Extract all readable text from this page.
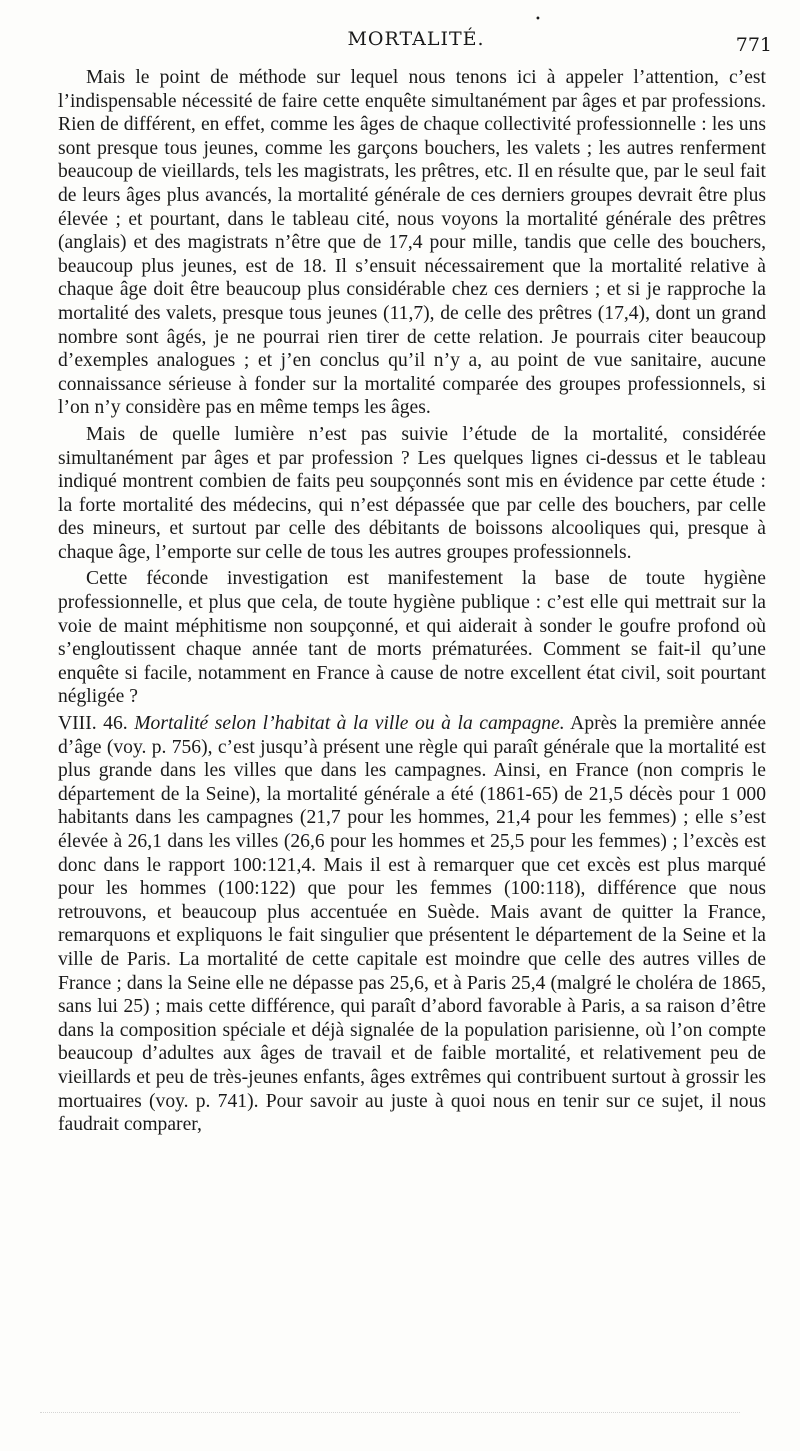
MORTALITÉ.	771
•

Mais le point de méthode sur lequel nous tenons ici à appeler l’attention, c’est l’indispensable nécessité de faire cette enquête simultanément par âges et par professions. Rien de différent, en effet, comme les âges de chaque collectivité professionnelle : les uns sont presque tous jeunes, comme les garçons bouchers, les valets ; les autres renferment beaucoup de vieillards, tels les magistrats, les prêtres, etc. Il en résulte que, par le seul fait de leurs âges plus avancés, la mortalité générale de ces derniers groupes devrait être plus élevée ; et pourtant, dans le tableau cité, nous voyons la mortalité générale des prêtres (anglais) et des magistrats n’être que de 17,4 pour mille, tandis que celle des bouchers, beaucoup plus jeunes, est de 18. Il s’ensuit nécessairement que la mortalité relative à chaque âge doit être beaucoup plus considérable chez ces derniers ; et si je rapproche la mortalité des valets, presque tous jeunes (11,7), de celle des prêtres (17,4), dont un grand nombre sont âgés, je ne pourrai rien tirer de cette relation. Je pourrais citer beaucoup d’exemples analogues ; et j’en conclus qu’il n’y a, au point de vue sanitaire, aucune connaissance sérieuse à fonder sur la mortalité comparée des groupes professionnels, si l’on n’y considère pas en même temps les âges.

Mais de quelle lumière n’est pas suivie l’étude de la mortalité, considérée simultanément par âges et par profession ? Les quelques lignes ci-dessus et le tableau indiqué montrent combien de faits peu soupçonnés sont mis en évidence par cette étude : la forte mortalité des médecins, qui n’est dépassée que par celle des bouchers, par celle des mineurs, et surtout par celle des débitants de boissons alcooliques qui, presque à chaque âge, l’emporte sur celle de tous les autres groupes professionnels.

Cette féconde investigation est manifestement la base de toute hygiène professionnelle, et plus que cela, de toute hygiène publique : c’est elle qui mettrait sur la voie de maint méphitisme non soupçonné, et qui aiderait à sonder le goufre profond où s’engloutissent chaque année tant de morts prématurées. Comment se fait-il qu’une enquête si facile, notamment en France à cause de notre excellent état civil, soit pourtant négligée ?

VIII. 46. Mortalité selon l’habitat à la ville ou à la campagne. Après la première année d’âge (voy. p. 756), c’est jusqu’à présent une règle qui paraît générale que la mortalité est plus grande dans les villes que dans les campagnes. Ainsi, en France (non compris le département de la Seine), la mortalité générale a été (1861-65) de 21,5 décès pour 1 000 habitants dans les campagnes (21,7 pour les hommes, 21,4 pour les femmes) ; elle s’est élevée à 26,1 dans les villes (26,6 pour les hommes et 25,5 pour les femmes) ; l’excès est donc dans le rapport 100:121,4. Mais il est à remarquer que cet excès est plus marqué pour les hommes (100:122) que pour les femmes (100:118), différence que nous retrouvons, et beaucoup plus accentuée en Suède. Mais avant de quitter la France, remarquons et expliquons le fait singulier que présentent le département de la Seine et la ville de Paris. La mortalité de cette capitale est moindre que celle des autres villes de France ; dans la Seine elle ne dépasse pas 25,6, et à Paris 25,4 (malgré le choléra de 1865, sans lui 25) ; mais cette différence, qui paraît d’abord favorable à Paris, a sa raison d’être dans la composition spéciale et déjà signalée de la population parisienne, où l’on compte beaucoup d’adultes aux âges de travail et de faible mortalité, et relativement peu de vieillards et peu de très-jeunes enfants, âges extrêmes qui contribuent surtout à grossir les mortuaires (voy. p. 741). Pour savoir au juste à quoi nous en tenir sur ce sujet, il nous faudrait comparer,
